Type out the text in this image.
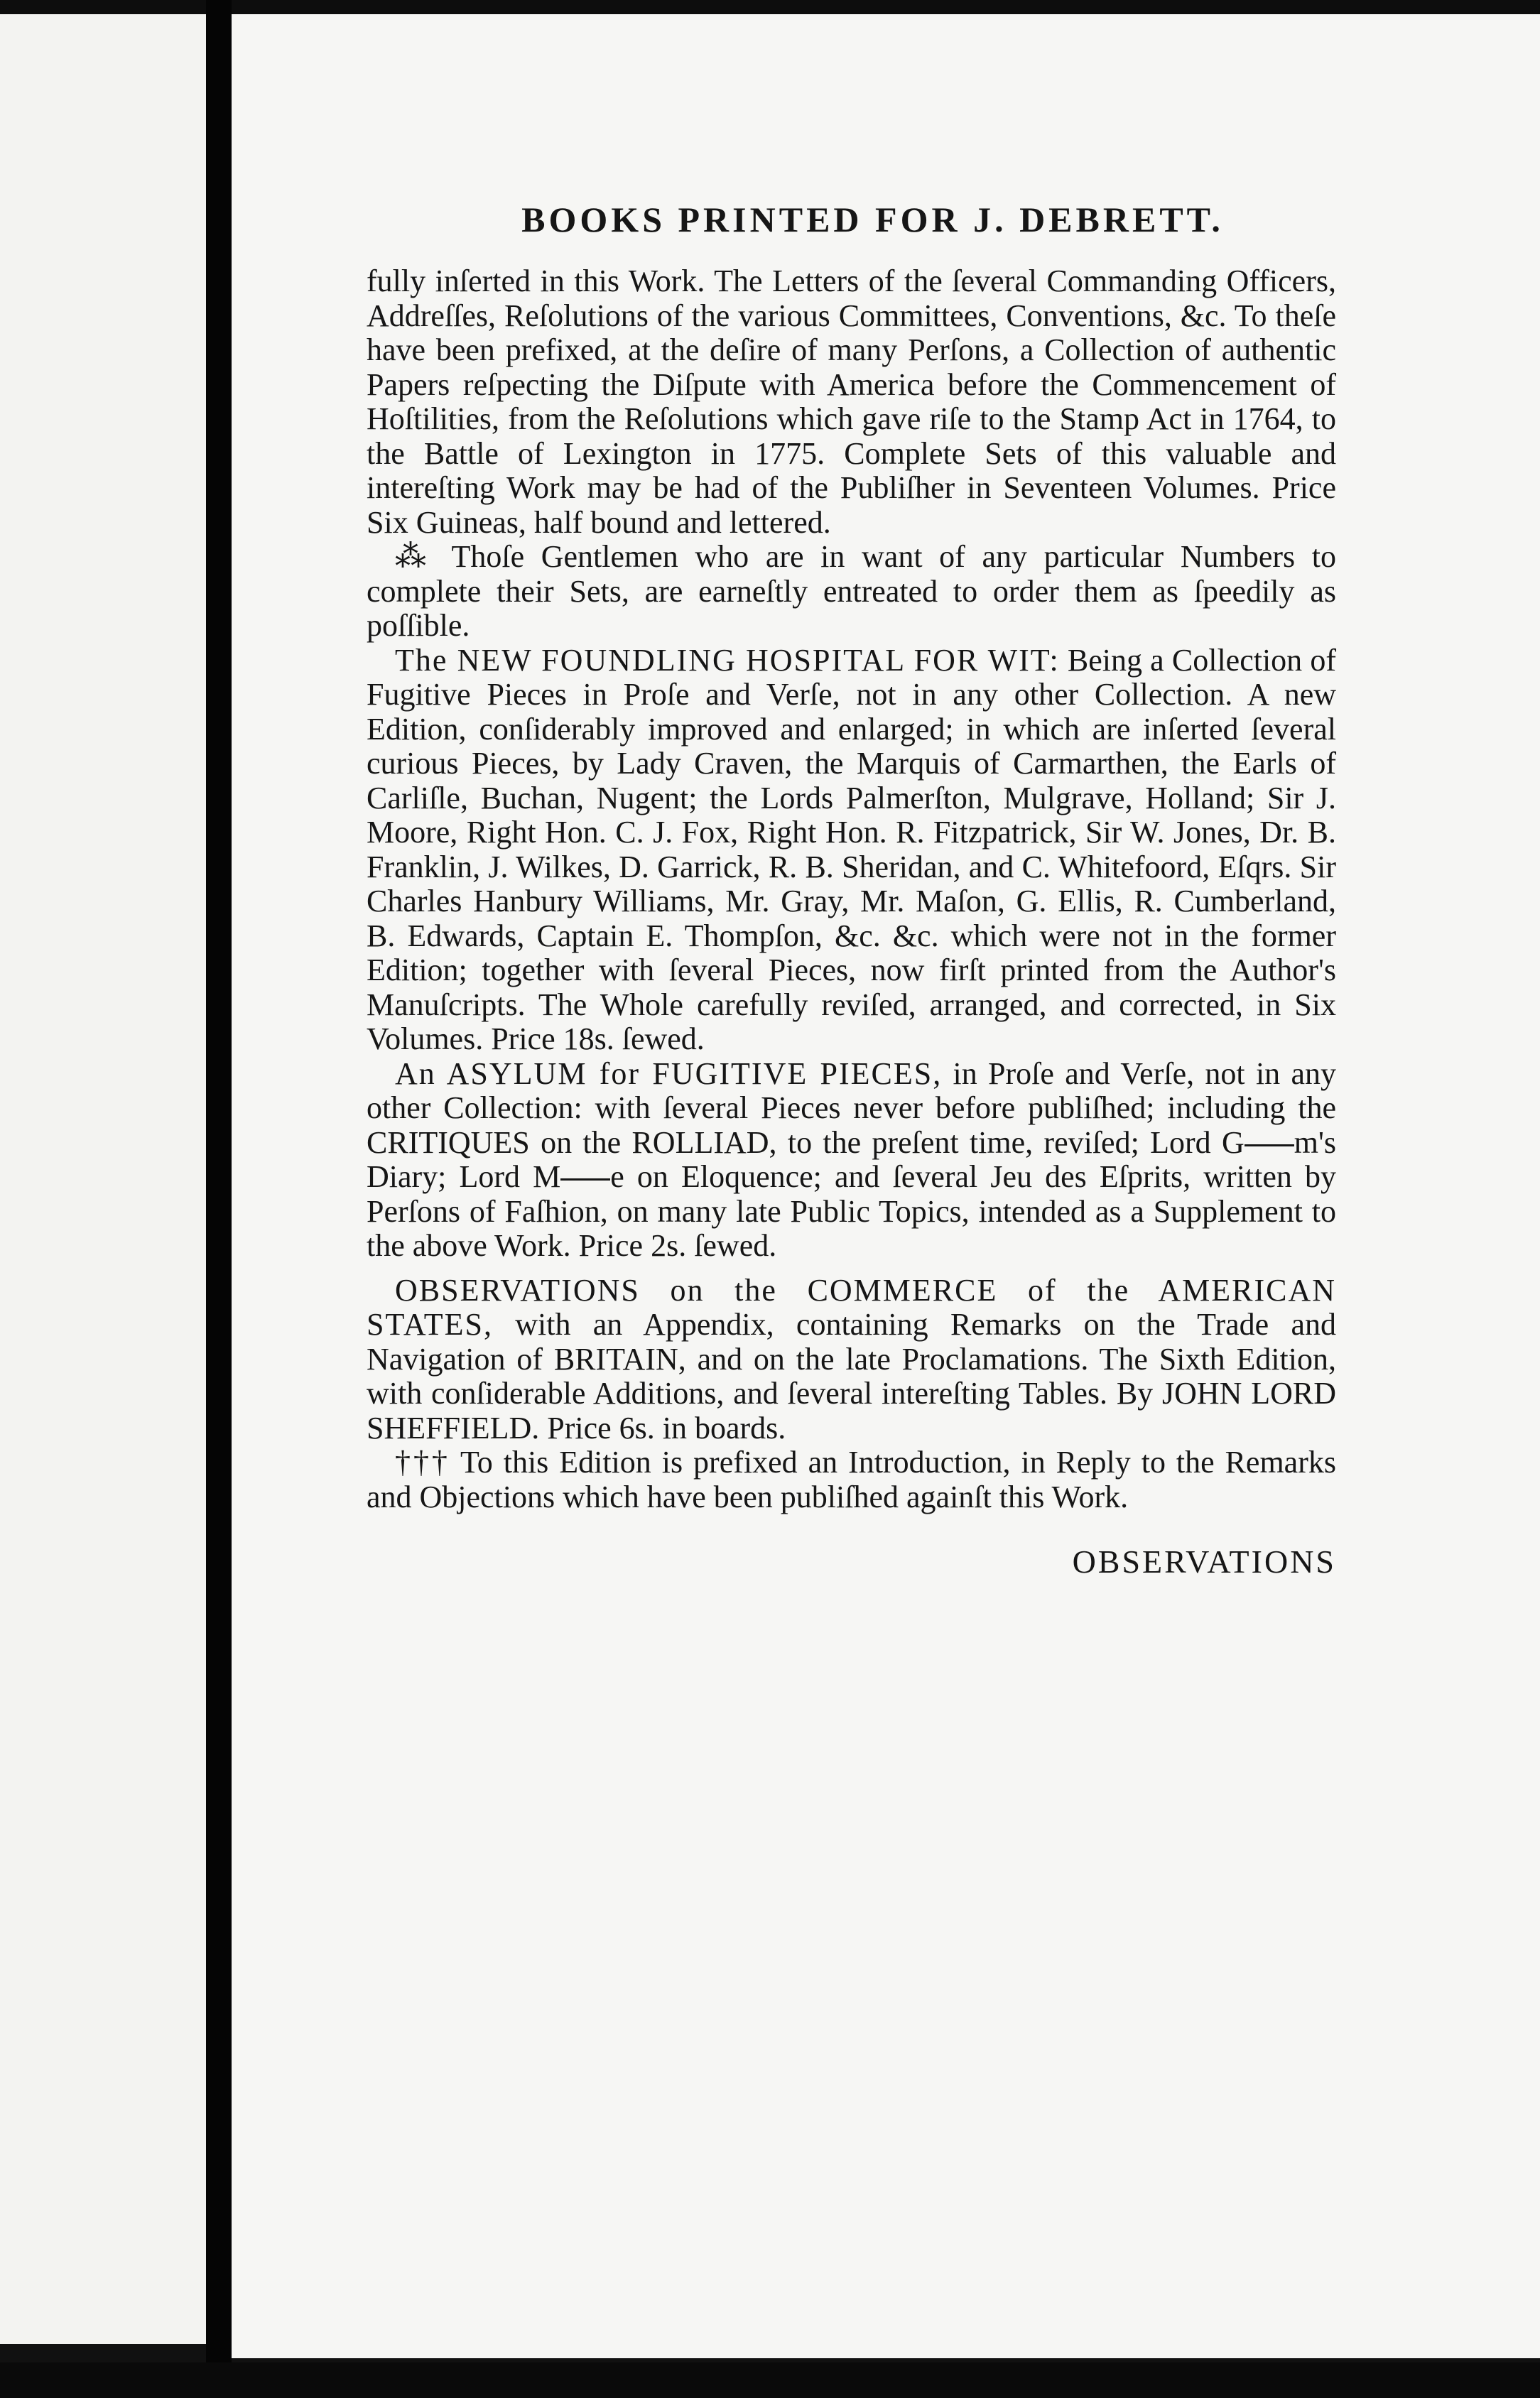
BOOKS PRINTED FOR J. DEBRETT.

fully inſerted in this Work. The Letters of the ſeveral Commanding Officers, Addreſſes, Reſolutions of the various Committees, Conventions, &c. To theſe have been prefixed, at the deſire of many Perſons, a Collection of authentic Papers reſpecting the Diſpute with America before the Commencement of Hoſtilities, from the Reſolutions which gave riſe to the Stamp Act in 1764, to the Battle of Lexington in 1775. Complete Sets of this valuable and intereſting Work may be had of the Publiſher in Seventeen Volumes. Price Six Guineas, half bound and lettered.

⁂ Thoſe Gentlemen who are in want of any particular Numbers to complete their Sets, are earneſtly entreated to order them as ſpeedily as poſſible.

The NEW FOUNDLING HOSPITAL FOR WIT: Being a Collection of Fugitive Pieces in Proſe and Verſe, not in any other Collection. A new Edition, conſiderably improved and enlarged; in which are inſerted ſeveral curious Pieces, by Lady Craven, the Marquis of Carmarthen, the Earls of Carliſle, Buchan, Nugent; the Lords Palmerſton, Mulgrave, Holland; Sir J. Moore, Right Hon. C. J. Fox, Right Hon. R. Fitzpatrick, Sir W. Jones, Dr. B. Franklin, J. Wilkes, D. Garrick, R. B. Sheridan, and C. Whitefoord, Eſqrs. Sir Charles Hanbury Williams, Mr. Gray, Mr. Maſon, G. Ellis, R. Cumberland, B. Edwards, Captain E. Thompſon, &c. &c. which were not in the former Edition; together with ſeveral Pieces, now firſt printed from the Author's Manuſcripts. The Whole carefully reviſed, arranged, and corrected, in Six Volumes. Price 18s. ſewed.

An ASYLUM for FUGITIVE PIECES, in Proſe and Verſe, not in any other Collection: with ſeveral Pieces never before publiſhed; including the CRITIQUES on the ROLLIAD, to the preſent time, reviſed; Lord G m's Diary; Lord M e on Eloquence; and ſeveral Jeu des Eſprits, written by Perſons of Faſhion, on many late Public Topics, intended as a Supplement to the above Work. Price 2s. ſewed.

OBSERVATIONS on the COMMERCE of the AMERICAN STATES, with an Appendix, containing Remarks on the Trade and Navigation of BRITAIN, and on the late Proclamations. The Sixth Edition, with conſiderable Additions, and ſeveral intereſting Tables. By JOHN LORD SHEFFIELD. Price 6s. in boards.

††† To this Edition is prefixed an Introduction, in Reply to the Remarks and Objections which have been publiſhed againſt this Work.

OBSERVATIONS
